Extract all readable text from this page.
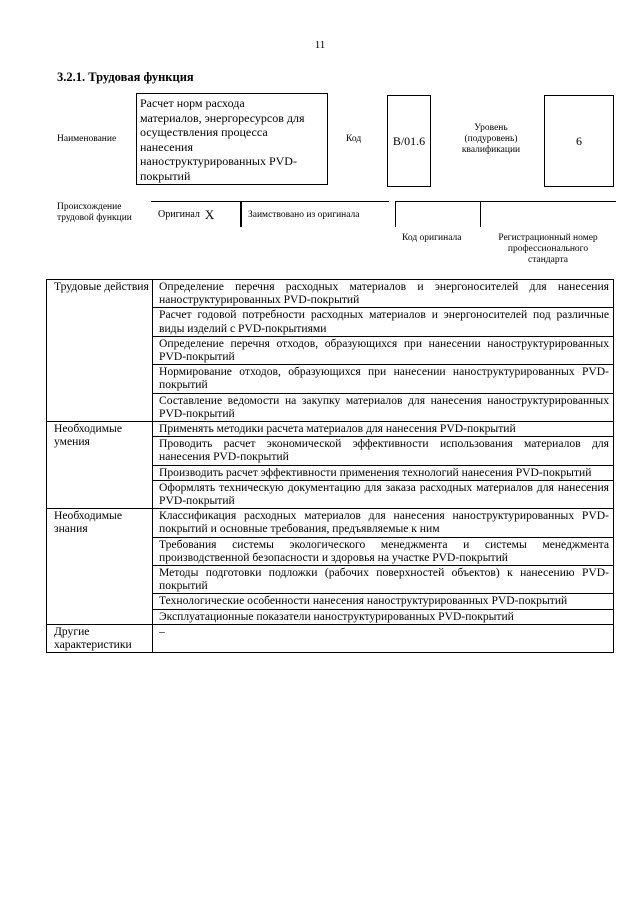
11
3.2.1. Трудовая функция
Наименование
Расчет норм расхода
материалов, энергоресурсов для
осуществления процесса
нанесения
наноструктурированных PVD-
покрытий
Код	B/01.6
Уровень
(подуровень)
квалификации
6
Происхождение
трудовой функции	Оригинал X	Заимствовано из оригинала
Код оригинала	Регистрационный номер
профессионального
стандарта
Трудовые действия	Определение перечня расходных материалов и энергоносителей для нанесения наноструктурированных PVD-покрытий
	Расчет годовой потребности расходных материалов и энергоносителей под различные виды изделий с PVD-покрытиями
	Определение перечня отходов, образующихся при нанесении наноструктурированных PVD-покрытий
	Нормирование отходов, образующихся при нанесении наноструктурированных PVD-покрытий
	Составление ведомости на закупку материалов для нанесения наноструктурированных PVD-покрытий
Необходимые умения	Применять методики расчета материалов для нанесения PVD-покрытий
	Проводить расчет экономической эффективности использования материалов для нанесения PVD-покрытий
	Производить расчет эффективности применения технологий нанесения PVD-покрытий
	Оформлять техническую документацию для заказа расходных материалов для нанесения PVD-покрытий
Необходимые знания	Классификация расходных материалов для нанесения наноструктурированных PVD-покрытий и основные требования, предъявляемые к ним
	Требования системы экологического менеджмента и системы менеджмента производственной безопасности и здоровья на участке PVD-покрытий
	Методы подготовки подложки (рабочих поверхностей объектов) к нанесению PVD-покрытий
	Технологические особенности нанесения наноструктурированных PVD-покрытий
	Эксплуатационные показатели наноструктурированных PVD-покрытий
Другие характеристики	–
